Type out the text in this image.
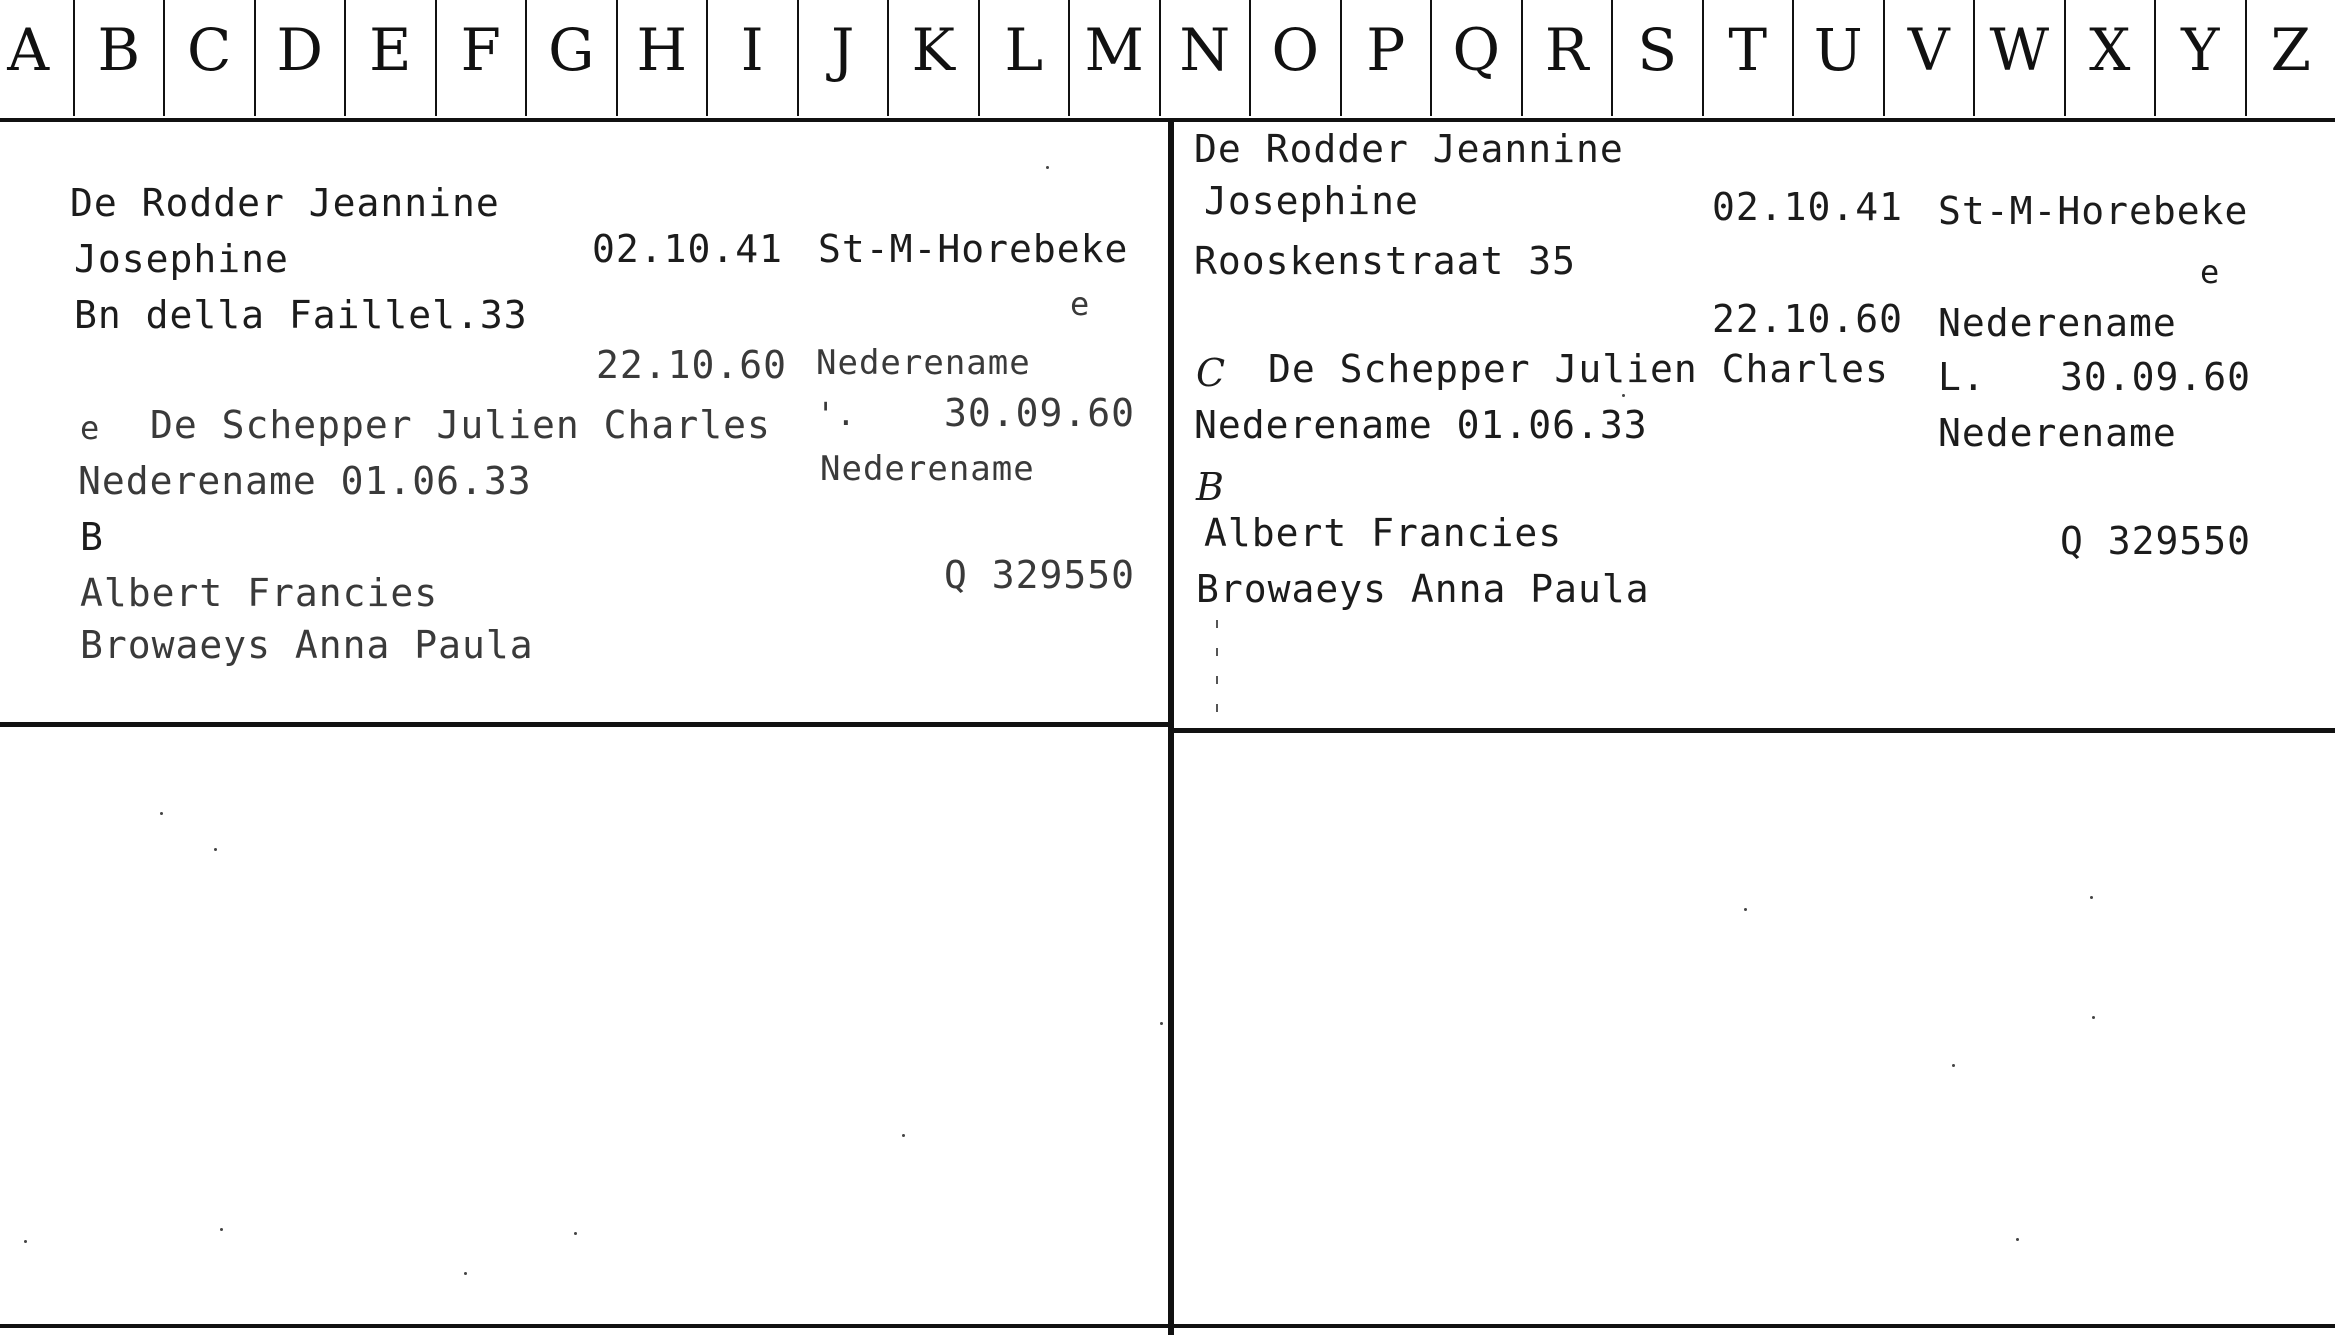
A B C D E F G H I	J K L M N O P Q R S T U V W X Y Z
De Rodder Jeannine
Josephine	02.10.41 St-M-Horebeke
Bn della Faillel.33	e
22.10.60 Nederename
e De Schepper Julien Charles '. 30.09.60
Nederename 01.06.33	Nederename
B
Albert Francies	Q 329550
Browaeys Anna Paula
De Rodder Jeannine
Josephine	02.10.41 St-M-Horebeke
Rooskenstraat 35	e
22.10.60 Nederename
C De Schepper Julien Charles L. 30.09.60
Nederename 01.06.33	Nederename
B
Albert Francies	Q 329550
Browaeys Anna Paula
